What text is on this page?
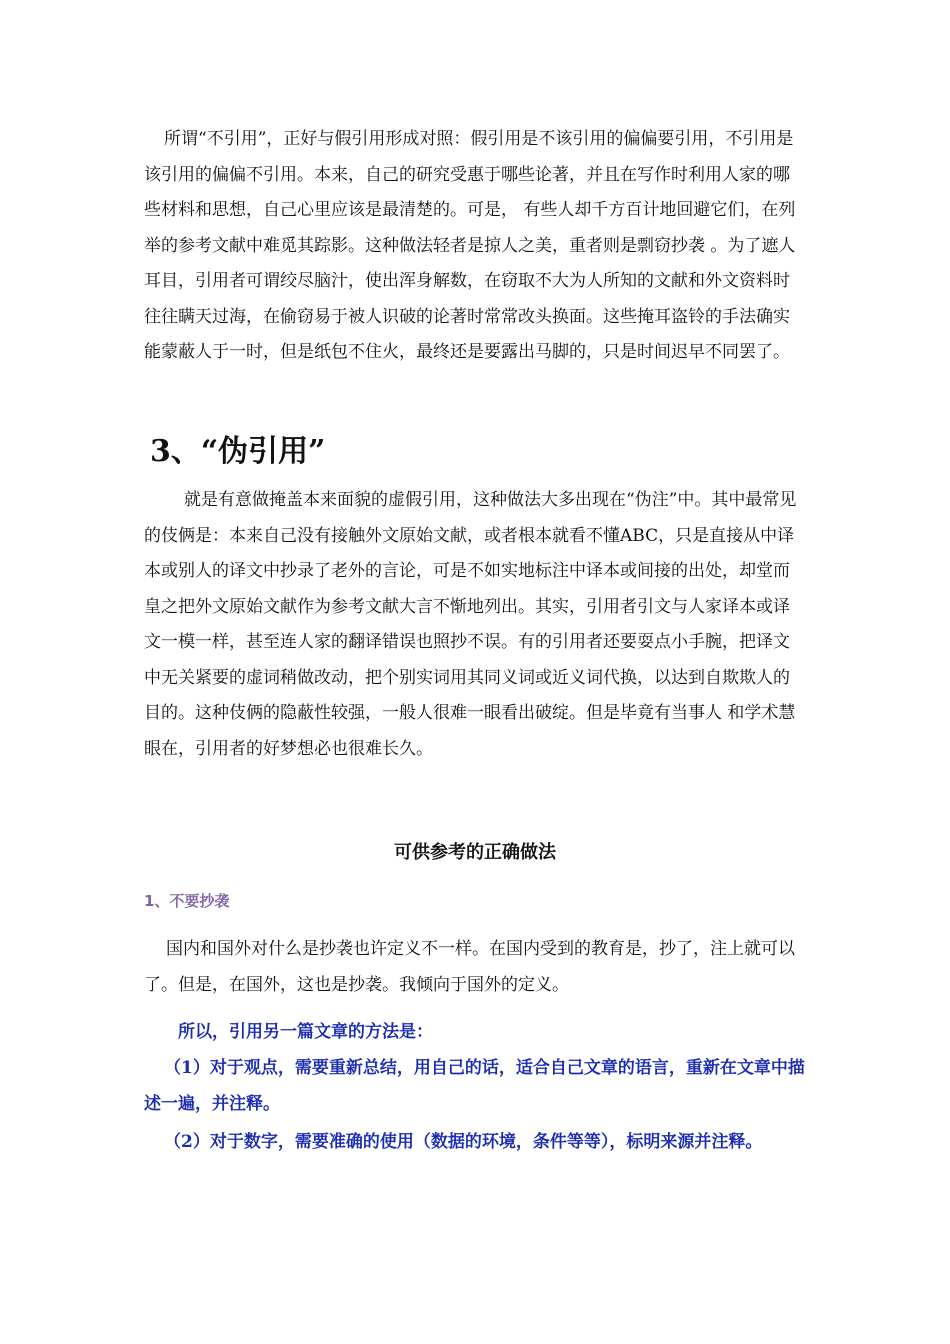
所谓“不引用”，正好与假引用形成对照：假引用是不该引用的偏偏要引用，不引用是该引用的偏偏不引用。本来，自己的研究受惠于哪些论著，并且在写作时利用人家的哪些材料和思想，自己心里应该是最清楚的。可是， 有些人却千方百计地回避它们，在列举的参考文献中难觅其踪影。这种做法轻者是掠人之美，重者则是剽窃抄袭 。为了遮人耳目，引用者可谓绞尽脑汁，使出浑身解数，在窃取不大为人所知的文献和外文资料时往往瞒天过海，在偷窃易于被人识破的论著时常常改头换面。这些掩耳盗铃的手法确实能蒙蔽人于一时，但是纸包不住火，最终还是要露出马脚的，只是时间迟早不同罢了。

3、“伪引用”

就是有意做掩盖本来面貌的虚假引用，这种做法大多出现在“伪注”中。其中最常见的伎俩是：本来自己没有接触外文原始文献，或者根本就看不懂ABC，只是直接从中译本或别人的译文中抄录了老外的言论，可是不如实地标注中译本或间接的出处，却堂而皇之把外文原始文献作为参考文献大言不惭地列出。其实，引用者引文与人家译本或译文一模一样，甚至连人家的翻译错误也照抄不误。有的引用者还要耍点小手腕，把译文中无关紧要的虚词稍做改动，把个别实词用其同义词或近义词代换，以达到自欺欺人的目的。这种伎俩的隐蔽性较强，一般人很难一眼看出破绽。但是毕竟有当事人 和学术慧眼在，引用者的好梦想必也很难长久。

可供参考的正确做法
1、不要抄袭

国内和国外对什么是抄袭也许定义不一样。在国内受到的教育是，抄了，注上就可以了。但是，在国外，这也是抄袭。我倾向于国外的定义。

所以，引用另一篇文章的方法是：

（1）对于观点，需要重新总结，用自己的话，适合自己文章的语言，重新在文章中描述一遍，并注释。

（2）对于数字，需要准确的使用（数据的环境，条件等等），标明来源并注释。
